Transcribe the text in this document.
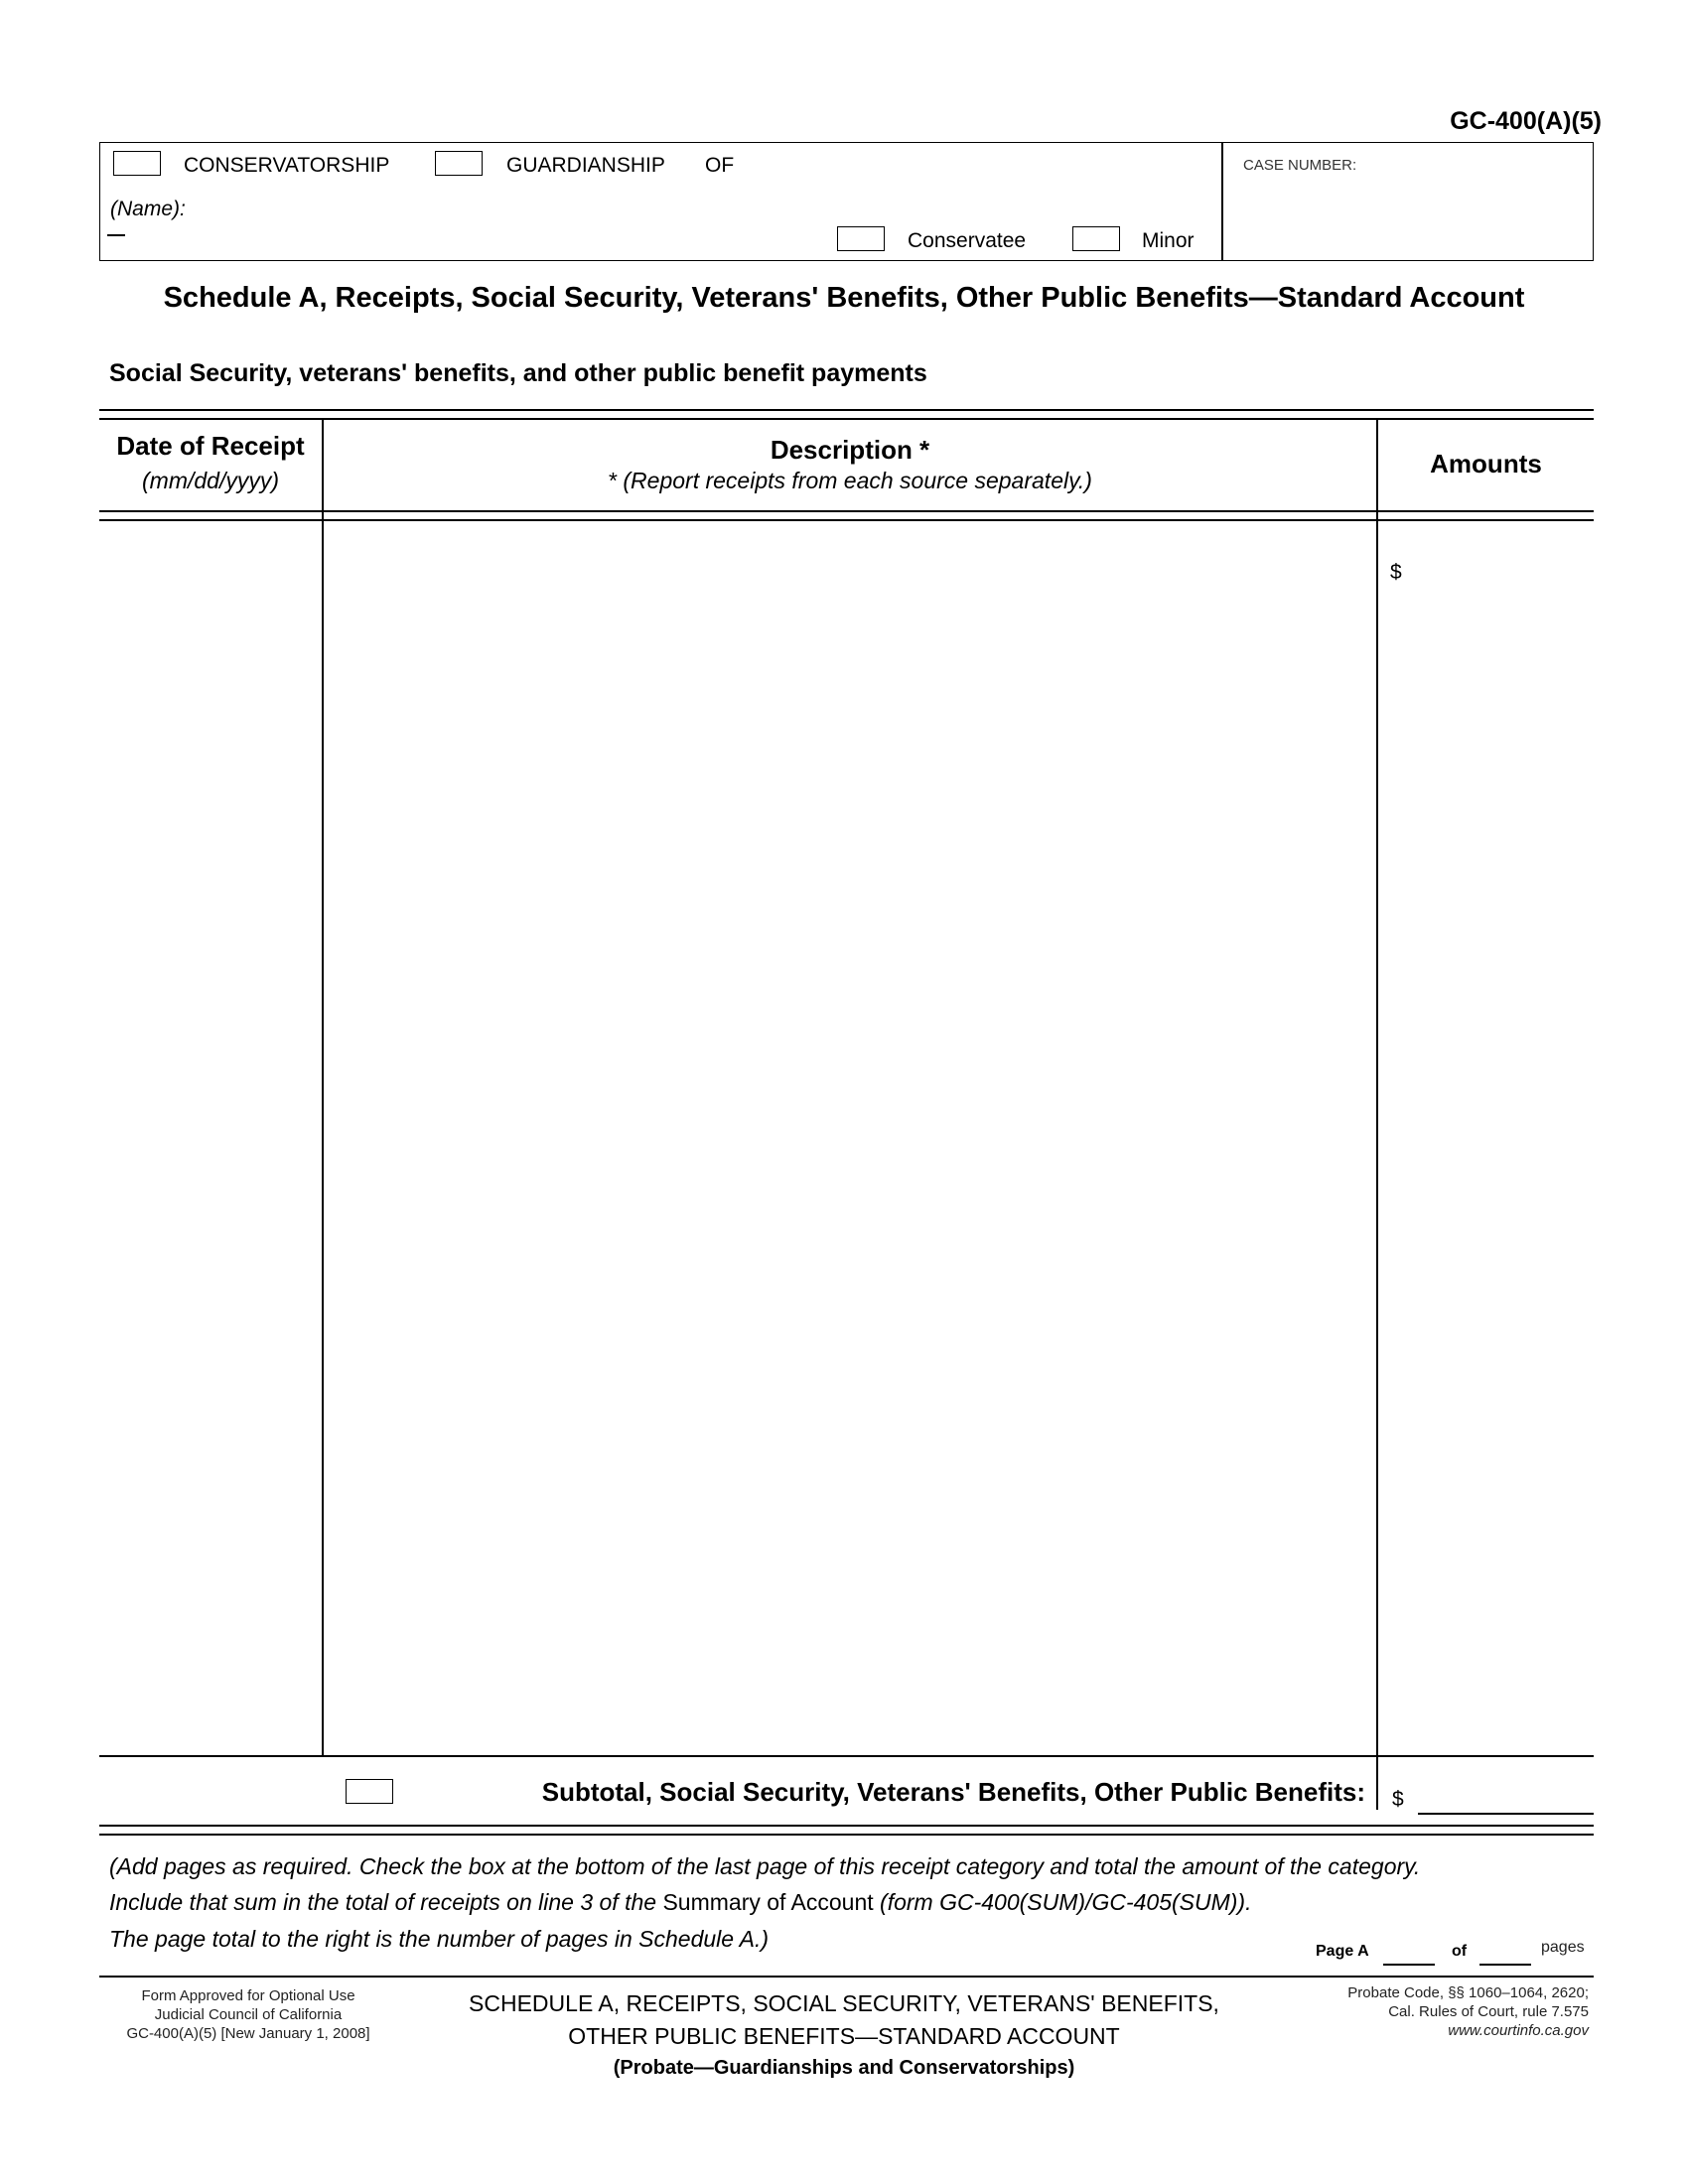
GC-400(A)(5)
CONSERVATORSHIP	GUARDIANSHIP OF
(Name):
Conservatee	Minor
CASE NUMBER:
Schedule A, Receipts, Social Security, Veterans' Benefits, Other Public Benefits—Standard Account
Social Security, veterans' benefits, and other public benefit payments
Date of Receipt
(mm/dd/yyyy)
Description *
* (Report receipts from each source separately.)
Amounts
$
Subtotal, Social Security, Veterans' Benefits, Other Public Benefits: $
(Add pages as required. Check the box at the bottom of the last page of this receipt category and total the amount of the category.
Include that sum in the total of receipts on line 3 of the Summary of Account (form GC-400(SUM)/GC-405(SUM)).
The page total to the right is the number of pages in Schedule A.)	Page A	of	pages
Form Approved for Optional Use
Judicial Council of California
GC-400(A)(5) [New January 1, 2008]
SCHEDULE A, RECEIPTS, SOCIAL SECURITY, VETERANS' BENEFITS,
OTHER PUBLIC BENEFITS—STANDARD ACCOUNT
(Probate—Guardianships and Conservatorships)
Probate Code, §§ 1060–1064, 2620;
Cal. Rules of Court, rule 7.575
www.courtinfo.ca.gov
